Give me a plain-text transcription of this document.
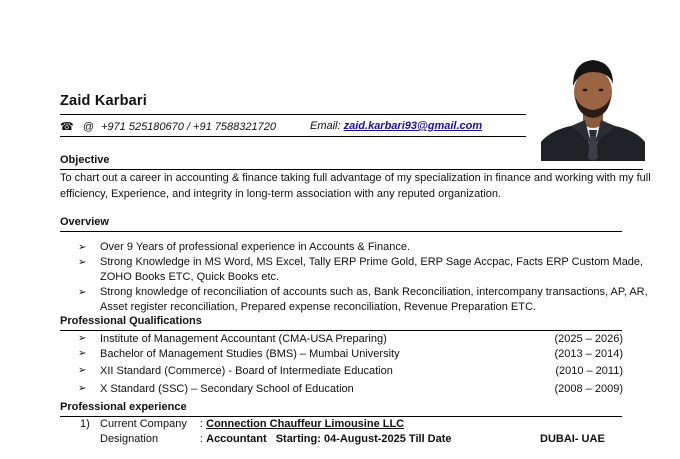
Zaid Karbari
☎ @ +971 525180670 / +91 7588321720	Email: zaid.karbari93@gmail.com
Objective
To chart out a career in accounting & finance taking full advantage of my specialization in finance and working with my full efficiency, Experience, and integrity in long-term association with any reputed organization.
Overview
➢ Over 9 Years of professional experience in Accounts & Finance.
➢ Strong Knowledge in MS Word, MS Excel, Tally ERP Prime Gold, ERP Sage Accpac, Facts ERP Custom Made, ZOHO Books ETC, Quick Books etc.
➢ Strong knowledge of reconciliation of accounts such as, Bank Reconciliation, intercompany transactions, AP, AR, Asset register reconciliation, Prepared expense reconciliation, Revenue Preparation ETC.
Professional Qualifications
➢ Institute of Management Accountant (CMA-USA Preparing)	(2025 – 2026)
➢ Bachelor of Management Studies (BMS) – Mumbai University	(2013 – 2014)
➢ XII Standard (Commerce) - Board of Intermediate Education	(2010 – 2011)
➢ X Standard (SSC) – Secondary School of Education	(2008 – 2009)
Professional experience
1) Current Company : Connection Chauffeur Limousine LLC
Designation	: Accountant Starting: 04-August-2025 Till Date	DUBAI- UAE
